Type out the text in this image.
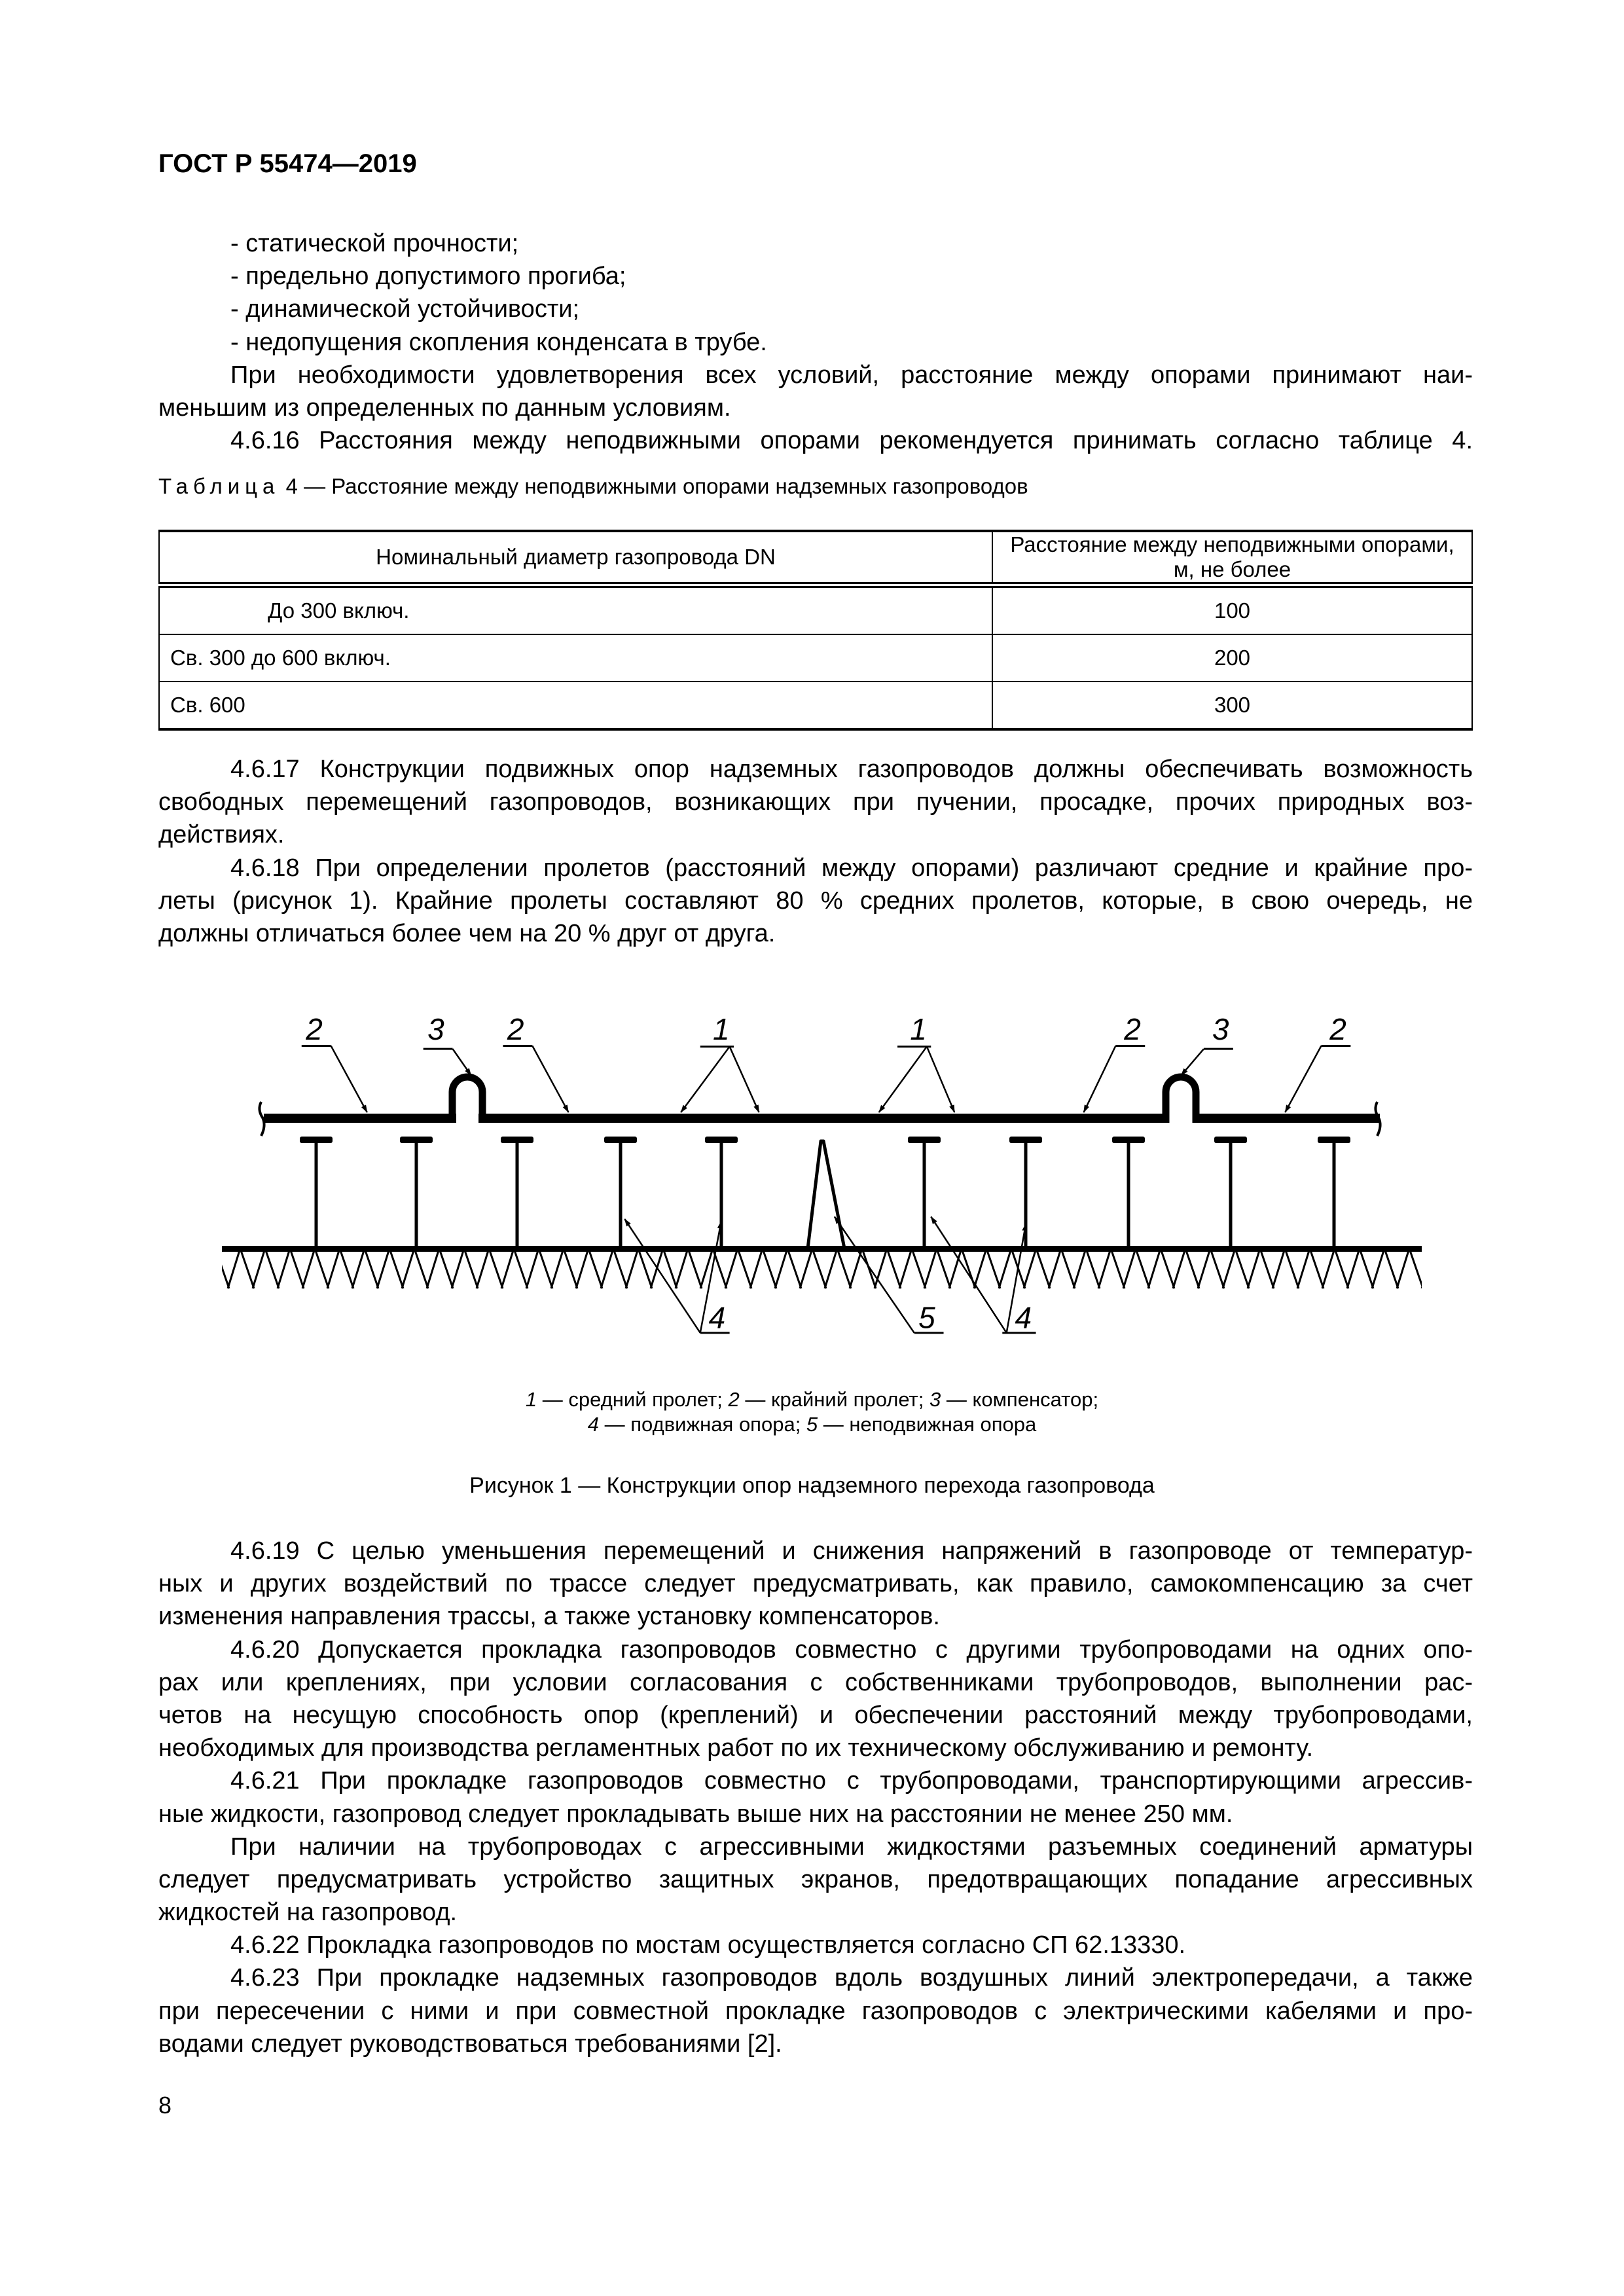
ГОСТ Р 55474—2019
- статической прочности;
- предельно допустимого прогиба;
- динамической устойчивости;
- недопущения скопления конденсата в трубе.
При необходимости удовлетворения всех условий, расстояние между опорами принимают наи-
меньшим из определенных по данным условиям.
4.6.16 Расстояния между неподвижными опорами рекомендуется принимать согласно таблице 4.
Таблица 4 — Расстояние между неподвижными опорами надземных газопроводов
Номинальный диаметр газопровода DN	Расстояние между неподвижными опорами, м, не более
До 300 включ.	100
Св. 300 до 600 включ.	200
Св. 600	300
4.6.17 Конструкции подвижных опор надземных газопроводов должны обеспечивать возможность
свободных перемещений газопроводов, возникающих при пучении, просадке, прочих природных воз-
действиях.
4.6.18 При определении пролетов (расстояний между опорами) различают средние и крайние про-
леты (рисунок 1). Крайние пролеты составляют 80 % средних пролетов, которые, в свою очередь, не
должны отличаться более чем на 20 % друг от друга.
2	3 2	1	1	2 3	2
4	5	4
1 — средний пролет; 2 — крайний пролет; 3 — компенсатор;
4 — подвижная опора; 5 — неподвижная опора
Рисунок 1 — Конструкции опор надземного перехода газопровода
4.6.19 С целью уменьшения перемещений и снижения напряжений в газопроводе от температур-
ных и других воздействий по трассе следует предусматривать, как правило, самокомпенсацию за счет
изменения направления трассы, а также установку компенсаторов.
4.6.20 Допускается прокладка газопроводов совместно с другими трубопроводами на одних опо-
рах или креплениях, при условии согласования с собственниками трубопроводов, выполнении рас-
четов на несущую способность опор (креплений) и обеспечении расстояний между трубопроводами,
необходимых для производства регламентных работ по их техническому обслуживанию и ремонту.
4.6.21 При прокладке газопроводов совместно с трубопроводами, транспортирующими агрессив-
ные жидкости, газопровод следует прокладывать выше них на расстоянии не менее 250 мм.
При наличии на трубопроводах с агрессивными жидкостями разъемных соединений арматуры
следует предусматривать устройство защитных экранов, предотвращающих попадание агрессивных
жидкостей на газопровод.
4.6.22 Прокладка газопроводов по мостам осуществляется согласно СП 62.13330.
4.6.23 При прокладке надземных газопроводов вдоль воздушных линий электропередачи, а также
при пересечении с ними и при совместной прокладке газопроводов с электрическими кабелями и про-
водами следует руководствоваться требованиями [2].
8
